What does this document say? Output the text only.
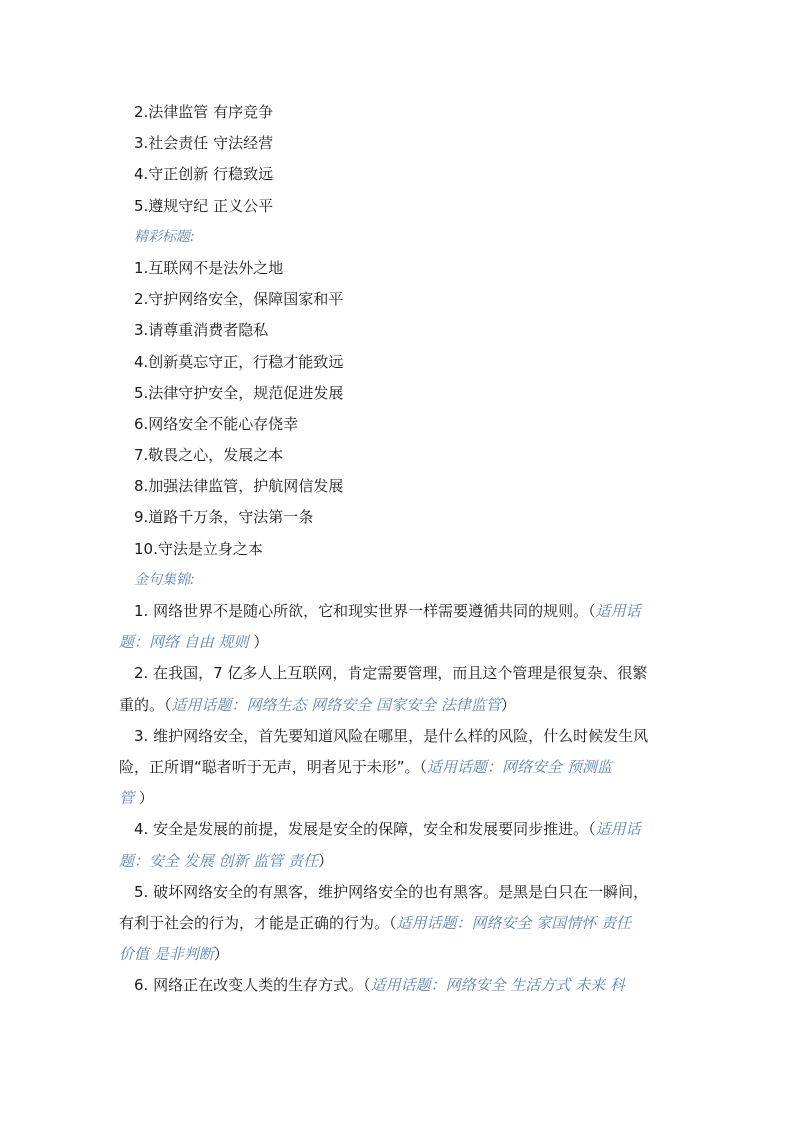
2.法律监管 有序竞争
3.社会责任 守法经营
4.守正创新 行稳致远
5.遵规守纪 正义公平
精彩标题:
1.互联网不是法外之地
2.守护网络安全，保障国家和平
3.请尊重消费者隐私
4.创新莫忘守正，行稳才能致远
5.法律守护安全，规范促进发展
6.网络安全不能心存侥幸
7.敬畏之心，发展之本
8.加强法律监管，护航网信发展
9.道路千万条，守法第一条
10.守法是立身之本
金句集锦:
1. 网络世界不是随心所欲，它和现实世界一样需要遵循共同的规则。（适用话
题：网络 自由 规则 ）
2. 在我国，7 亿多人上互联网，肯定需要管理，而且这个管理是很复杂、很繁
重的。（适用话题：网络生态 网络安全 国家安全 法律监管）
3. 维护网络安全，首先要知道风险在哪里，是什么样的风险，什么时候发生风
险，正所谓“聪者听于无声，明者见于未形”。（适用话题：网络安全 预测监
管 ）
4. 安全是发展的前提，发展是安全的保障，安全和发展要同步推进。（适用话
题：安全 发展 创新 监管 责任）
5. 破坏网络安全的有黑客，维护网络安全的也有黑客。是黑是白只在一瞬间，
有利于社会的行为，才能是正确的行为。（适用话题：网络安全 家国情怀 责任
价值 是非判断）
6. 网络正在改变人类的生存方式。（适用话题：网络安全 生活方式 未来 科
